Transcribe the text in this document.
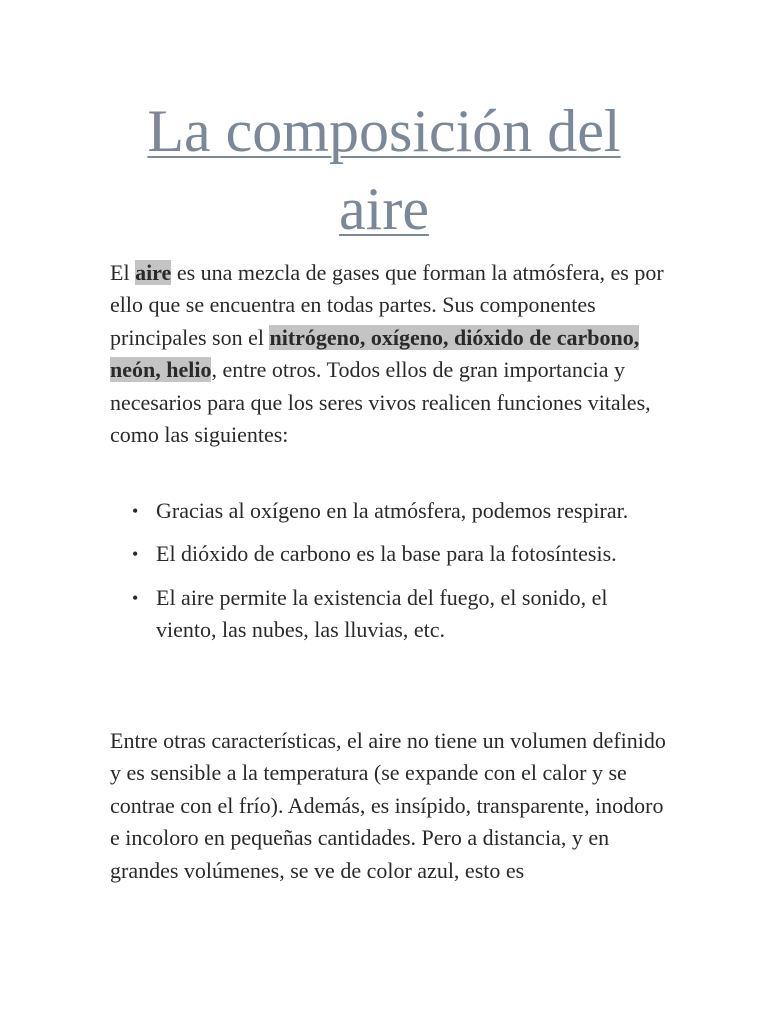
La composición del
aire

El aire es una mezcla de gases que forman la atmósfera, es por ello que se encuentra en todas partes. Sus componentes principales son el nitrógeno, oxígeno, dióxido de carbono, neón, helio, entre otros. Todos ellos de gran importancia y necesarios para que los seres vivos realicen funciones vitales, como las siguientes:

• Gracias al oxígeno en la atmósfera, podemos respirar.
• El dióxido de carbono es la base para la fotosíntesis.
• El aire permite la existencia del fuego, el sonido, el viento, las nubes, las lluvias, etc.

Entre otras características, el aire no tiene un volumen definido y es sensible a la temperatura (se expande con el calor y se contrae con el frío). Además, es insípido, transparente, inodoro e incoloro en pequeñas cantidades. Pero a distancia, y en grandes volúmenes, se ve de color azul, esto es
